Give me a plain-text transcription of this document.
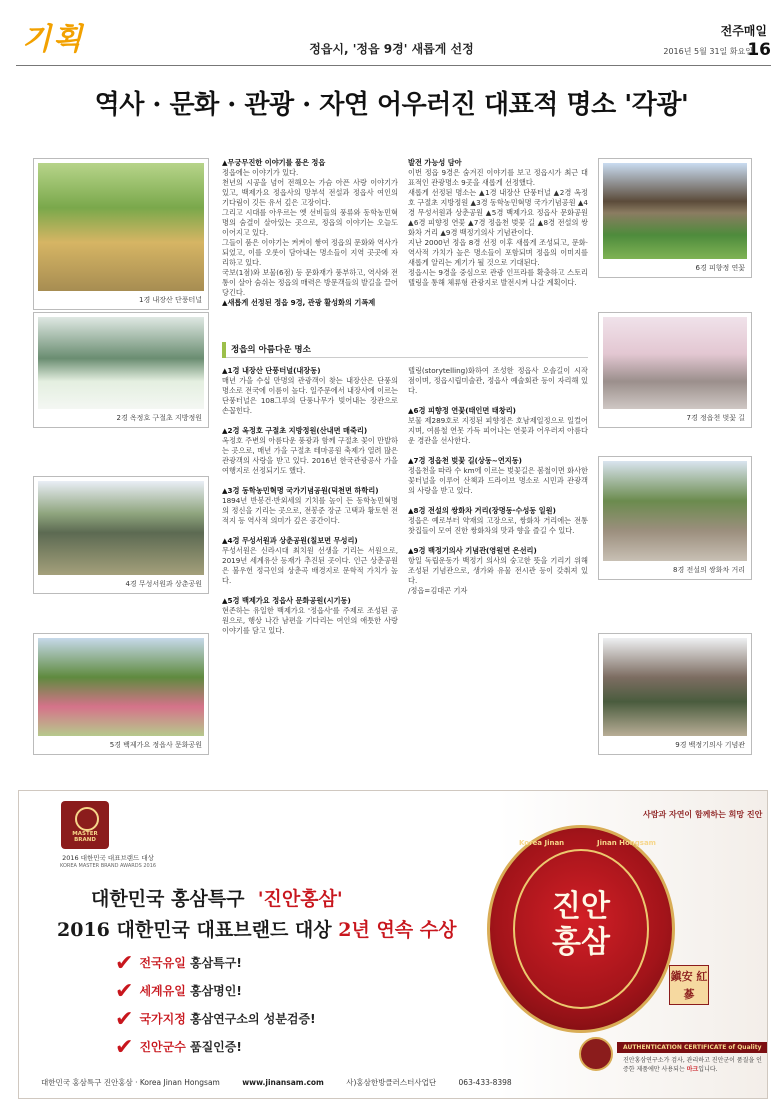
기획	정읍시, '정읍 9경' 새롭게 선정
전주매일
2016년 5월 31일 화요일
16
역사 · 문화 · 관광 · 자연 어우러진 대표적 명소 '각광'
1경 내장산 단풍터널
2경 옥정호 구절초 지방정원
4경 무성서원과 상춘공원
5경 백제가요 정읍사 문화공원
6경 피향정 연꽃
7경 정읍천 벚꽃 길
8경 전설의 쌍화차 거리
9경 백정기의사 기념관

▲무궁무진한 이야기를 품은 정읍

정읍에는 이야기가 있다.

천년의 시공을 넘어 전해오는 가슴 아픈 사랑 이야기가 있고, 백제가요 정읍사의 망부석 전설과 정읍사 여인의 기다림이 깃든 유서 깊은 고장이다.

그리고 시대를 아우르는 옛 선비들의 풍류와 동학농민혁명의 숨결이 살아있는 곳으로, 정읍의 이야기는 오늘도 이어지고 있다.

그들이 품은 이야기는 켜켜이 쌓여 정읍의 문화와 역사가 되었고, 이를 오롯이 담아내는 명소들이 지역 곳곳에 자리하고 있다.

국보(1점)와 보물(6점) 등 문화재가 풍부하고, 역사와 전통이 살아 숨쉬는 정읍의 매력은 방문객들의 발길을 끌어당긴다.

▲새롭게 선정된 정읍 9경, 관광 활성화의 기폭제

발전 가능성 담아

이번 정읍 9경은 숨겨진 이야기를 보고 정읍시가 최근 대표적인 관광명소 9곳을 새롭게 선정했다.

새롭게 선정된 명소는 ▲1경 내장산 단풍터널 ▲2경 옥정호 구절초 지방정원 ▲3경 동학농민혁명 국가기념공원 ▲4경 무성서원과 상춘공원 ▲5경 백제가요 정읍사 문화공원 ▲6경 피향정 연꽃 ▲7경 정읍천 벚꽃 길 ▲8경 전설의 쌍화차 거리 ▲9경 백정기의사 기념관이다.

지난 2000년 정읍 8경 선정 이후 새롭게 조성되고, 문화·역사적 가치가 높은 명소들이 포함되며 정읍의 이미지를 새롭게 알리는 계기가 될 것으로 기대된다.

정읍시는 9경을 중심으로 관광 인프라를 확충하고 스토리텔링을 통해 체류형 관광지로 발전시켜 나갈 계획이다.

정읍의 아름다운 명소

▲1경 내장산 단풍터널(내장동)

매년 가을 수십 만명의 관광객이 찾는 내장산은 단풍의 명소로 전국에 이름이 높다. 일주문에서 내장사에 이르는 단풍터널은 108그루의 단풍나무가 빚어내는 장관으로 손꼽힌다.

▲2경 옥정호 구절초 지방정원(산내면 매죽리)

옥정호 주변의 아름다운 풍광과 함께 구절초 꽃이 만발하는 곳으로, 매년 가을 구절초 테마공원 축제가 열려 많은 관광객의 사랑을 받고 있다. 2016년 한국관광공사 가을 여행지로 선정되기도 했다.

▲3경 동학농민혁명 국가기념공원(덕천면 하학리)

1894년 반봉건·반외세의 기치를 높이 든 동학농민혁명의 정신을 기리는 곳으로, 전봉준 장군 고택과 황토현 전적지 등 역사적 의미가 깊은 공간이다.

▲4경 무성서원과 상춘공원(칠보면 무성리)

무성서원은 신라시대 최치원 선생을 기리는 서원으로, 2019년 세계유산 등재가 추진된 곳이다. 인근 상춘공원은 불우헌 정극인의 상춘곡 배경지로 문학적 가치가 높다.

▲5경 백제가요 정읍사 문화공원(시기동)

현존하는 유일한 백제가요 '정읍사'를 주제로 조성된 공원으로, 행상 나간 남편을 기다리는 여인의 애틋한 사랑 이야기를 담고 있다.

텔링(storytelling)화하여 조성한 정읍사 오솔길이 시작점이며, 정읍시립미술관, 정읍사 예술회관 등이 자리해 있다.

▲6경 피향정 연꽃(태인면 태창리)

보물 제289호로 지정된 피향정은 호남제일정으로 일컬어지며, 여름철 연못 가득 피어나는 연꽃과 어우러져 아름다운 경관을 선사한다.

▲7경 정읍천 벚꽃 길(상동~연지동)

정읍천을 따라 수 km에 이르는 벚꽃길은 봄철이면 화사한 꽃터널을 이루어 산책과 드라이브 명소로 시민과 관광객의 사랑을 받고 있다.

▲8경 전설의 쌍화차 거리(장명동·수성동 일원)

정읍은 예로부터 약재의 고장으로, 쌍화차 거리에는 전통찻집들이 모여 진한 쌍화차의 맛과 향을 즐길 수 있다.

▲9경 백정기의사 기념관(영원면 은선리)

항일 독립운동가 백정기 의사의 숭고한 뜻을 기리기 위해 조성된 기념관으로, 생가와 유물 전시관 등이 갖춰져 있다.

/정읍=김대곤 기자

MASTER BRAND
2016 대한민국 대표브랜드 대상
KOREA MASTER BRAND AWARDS 2016
대한민국 홍삼특구 '진안홍삼'
2016 대한민국 대표브랜드 대상 2년 연속 수상
✔ 전국유일 홍삼특구!
✔ 세계유일 홍삼명인!
✔ 국가지정 홍삼연구소의 성분검증!
✔ 진안군수 품질인증!
사람과 자연이 함께하는 희망 진안
Korea Jinan	Jinan Hongsam
진안 홍삼
鎭安 紅蔘
AUTHENTICATION CERTIFICATE of Quality
진안홍삼연구소가 검사, 관리하고 진안군이 품질을 인증한 제품에만 사용되는 마크입니다.
대한민국 홍삼특구 진안홍삼 · Korea Jinan Hongsam	www.jinansam.com	사)홍삼한방클러스터사업단	063-433-8398
